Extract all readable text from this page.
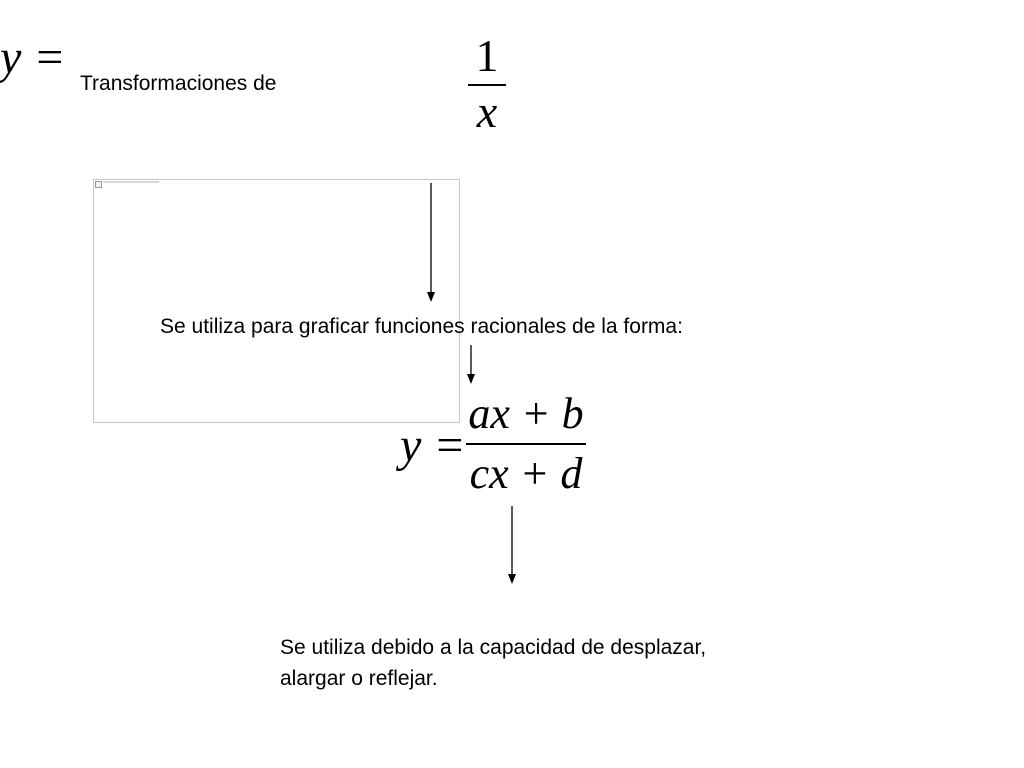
Transformaciones de
y =	1
x
Se utiliza para graficar funciones racionales de la forma:
y =
ax + b
cx + d
Se utiliza debido a la capacidad de desplazar,
alargar o reflejar.
